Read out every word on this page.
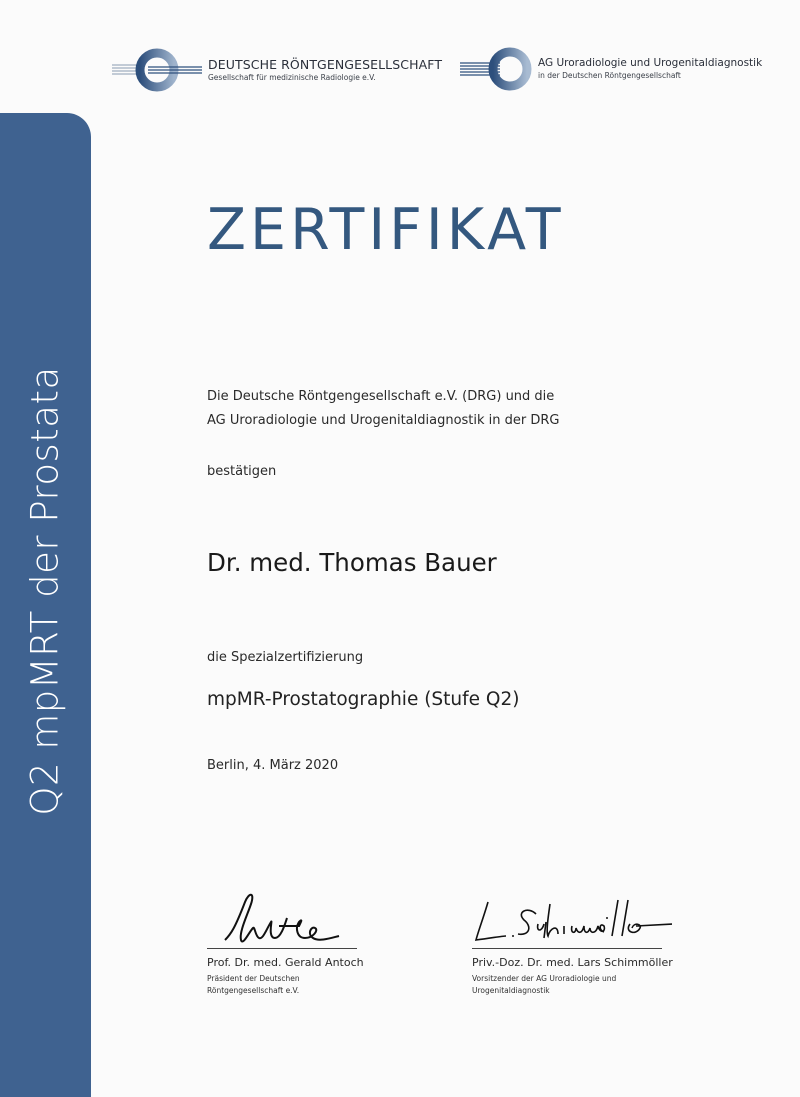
Q2 mpMRT der Prostata
DEUTSCHE RÖNTGENGESELLSCHAFT
Gesellschaft für medizinische Radiologie e.V.
AG Uroradiologie und Urogenitaldiagnostik
in der Deutschen Röntgengesellschaft
ZERTIFIKAT
Die Deutsche Röntgengesellschaft e.V. (DRG) und die
AG Uroradiologie und Urogenitaldiagnostik in der DRG
bestätigen
Dr. med. Thomas Bauer
die Spezialzertifizierung
mpMR-Prostatographie (Stufe Q2)
Berlin, 4. März 2020
Prof. Dr. med. Gerald Antoch
Präsident der Deutschen
Röntgengesellschaft e.V.
Priv.-Doz. Dr. med. Lars Schimmöller
Vorsitzender der AG Uroradiologie und
Urogenitaldiagnostik
